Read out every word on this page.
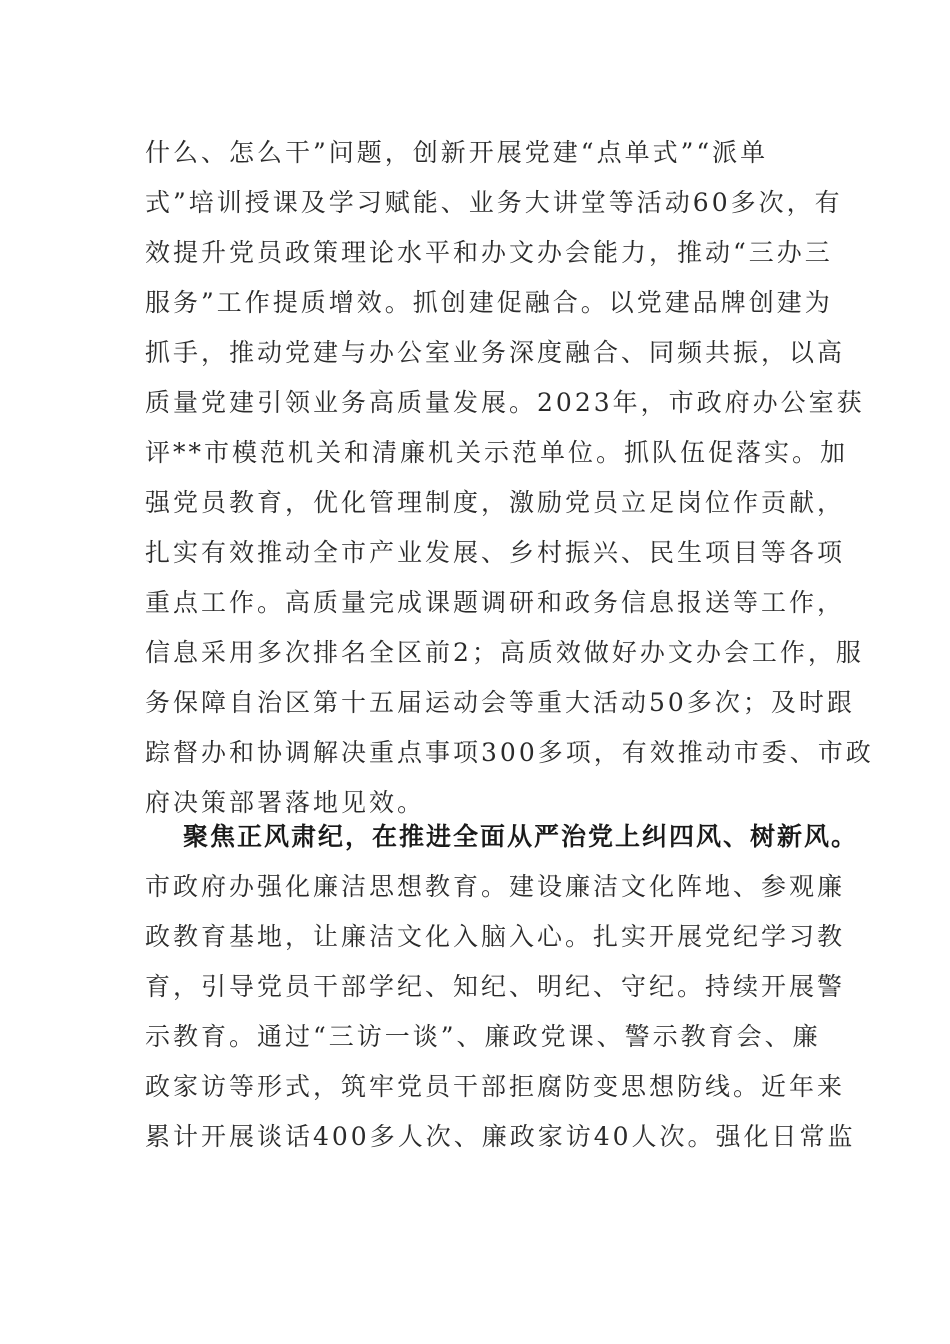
什么、怎么干”问题，创新开展党建“点单式”“派单
式”培训授课及学习赋能、业务大讲堂等活动60多次，有
效提升党员政策理论水平和办文办会能力，推动“三办三
服务”工作提质增效。抓创建促融合。以党建品牌创建为
抓手，推动党建与办公室业务深度融合、同频共振，以高
质量党建引领业务高质量发展。2023年，市政府办公室获
评**市模范机关和清廉机关示范单位。抓队伍促落实。加
强党员教育，优化管理制度，激励党员立足岗位作贡献，
扎实有效推动全市产业发展、乡村振兴、民生项目等各项
重点工作。高质量完成课题调研和政务信息报送等工作，
信息采用多次排名全区前2；高质效做好办文办会工作，服
务保障自治区第十五届运动会等重大活动50多次；及时跟
踪督办和协调解决重点事项300多项，有效推动市委、市政
府决策部署落地见效。
聚焦正风肃纪，在推进全面从严治党上纠四风、树新风。
市政府办强化廉洁思想教育。建设廉洁文化阵地、参观廉
政教育基地，让廉洁文化入脑入心。扎实开展党纪学习教
育，引导党员干部学纪、知纪、明纪、守纪。持续开展警
示教育。通过“三访一谈”、廉政党课、警示教育会、廉
政家访等形式，筑牢党员干部拒腐防变思想防线。近年来
累计开展谈话400多人次、廉政家访40人次。强化日常监
